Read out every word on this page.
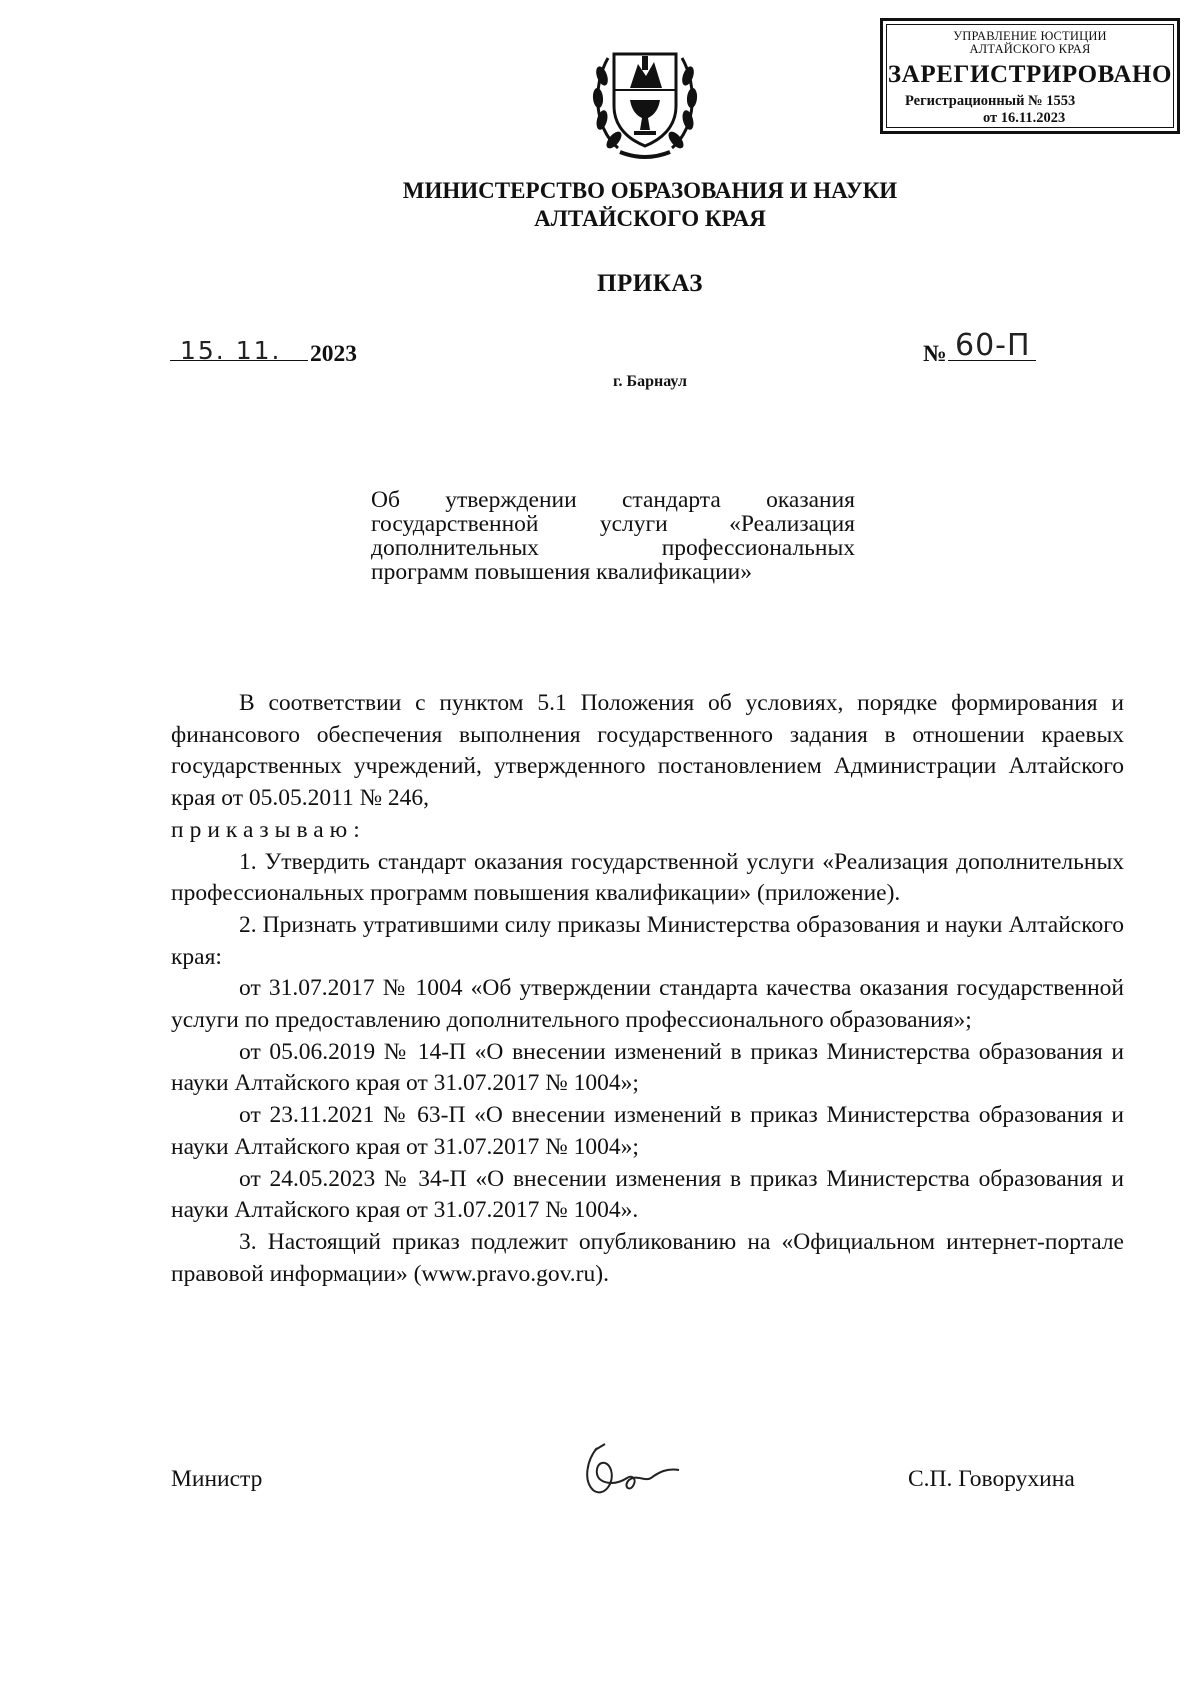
УПРАВЛЕНИЕ ЮСТИЦИИ
АЛТАЙСКОГО КРАЯ
ЗАРЕГИСТРИРОВАНО
Регистрационный № 1553
от 16.11.2023
МИНИСТЕРСТВО ОБРАЗОВАНИЯ И НАУКИ
АЛТАЙСКОГО КРАЯ
ПРИКАЗ
15. 11. 2023	№ 60-П
г. Барнаул
Об утверждении стандарта оказания
государственной услуги «Реализация
дополнительных профессиональных
программ повышения квалификации»

В соответствии с пунктом 5.1 Положения об условиях, порядке формирования и финансового обеспечения выполнения государственного задания в отношении краевых государственных учреждений, утвержденного постановлением Администрации Алтайского края от 05.05.2011 № 246,

приказываю:

1. Утвердить стандарт оказания государственной услуги «Реализация дополнительных профессиональных программ повышения квалификации» (приложение).

2. Признать утратившими силу приказы Министерства образования и науки Алтайского края:

от 31.07.2017 № 1004 «Об утверждении стандарта качества оказания государственной услуги по предоставлению дополнительного профессионального образования»;

от 05.06.2019 № 14-П «О внесении изменений в приказ Министерства образования и науки Алтайского края от 31.07.2017 № 1004»;

от 23.11.2021 № 63-П «О внесении изменений в приказ Министерства образования и науки Алтайского края от 31.07.2017 № 1004»;

от 24.05.2023 № 34-П «О внесении изменения в приказ Министерства образования и науки Алтайского края от 31.07.2017 № 1004».

3. Настоящий приказ подлежит опубликованию на «Официальном интернет-портале правовой информации» (www.pravo.gov.ru).

Министр	С.П. Говорухина
